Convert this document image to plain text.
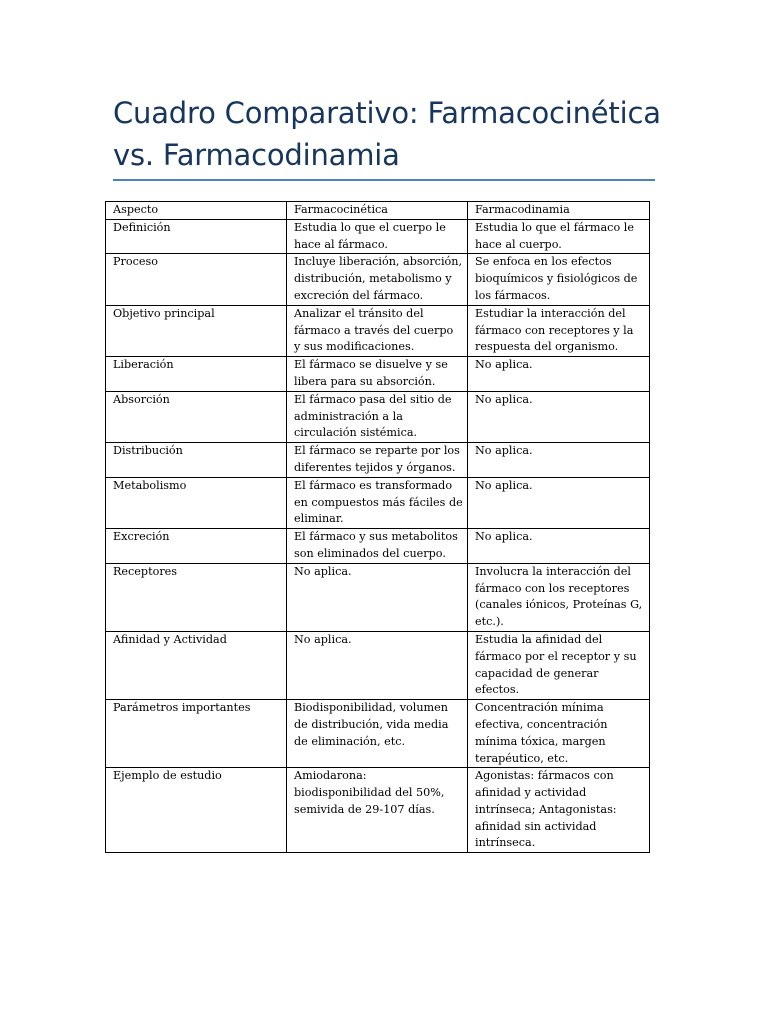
Cuadro Comparativo: Farmacocinética vs. Farmacodinamia
Aspecto	Farmacocinética	Farmacodinamia
Definición	Estudia lo que el cuerpo le hace al fármaco.	Estudia lo que el fármaco le hace al cuerpo.
Proceso	Incluye liberación, absorción, distribución, metabolismo y excreción del fármaco.	Se enfoca en los efectos bioquímicos y fisiológicos de los fármacos.
Objetivo principal	Analizar el tránsito del fármaco a través del cuerpo y sus modificaciones.	Estudiar la interacción del fármaco con receptores y la respuesta del organismo.
Liberación	El fármaco se disuelve y se libera para su absorción.	No aplica.
Absorción	El fármaco pasa del sitio de administración a la circulación sistémica.	No aplica.
Distribución	El fármaco se reparte por los diferentes tejidos y órganos.	No aplica.
Metabolismo	El fármaco es transformado en compuestos más fáciles de eliminar.	No aplica.
Excreción	El fármaco y sus metabolitos son eliminados del cuerpo.	No aplica.
Receptores	No aplica.	Involucra la interacción del fármaco con los receptores (canales iónicos, Proteínas G, etc.).
Afinidad y Actividad	No aplica.	Estudia la afinidad del fármaco por el receptor y su capacidad de generar efectos.
Parámetros importantes	Biodisponibilidad, volumen de distribución, vida media de eliminación, etc.	Concentración mínima efectiva, concentración mínima tóxica, margen terapéutico, etc.
Ejemplo de estudio	Amiodarona: biodisponibilidad del 50%, semivida de 29-107 días.	Agonistas: fármacos con afinidad y actividad intrínseca; Antagonistas: afinidad sin actividad intrínseca.
